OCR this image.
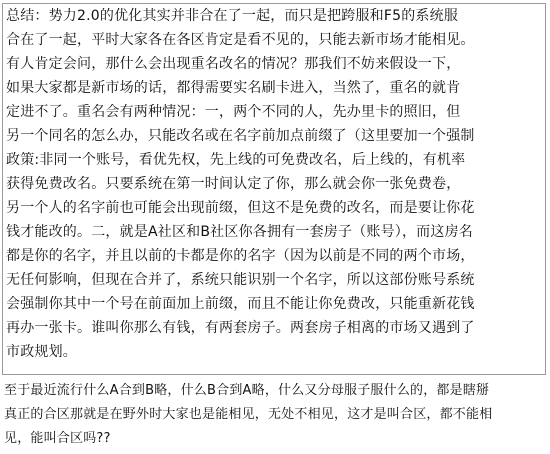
总结：势力2.0的优化其实并非合在了一起，而只是把跨服和F5的系统服

合在了一起，平时大家各在各区肯定是看不见的，只能去新市场才能相见。

有人肯定会问，那什么会出现重名改名的情况？那我们不妨来假设一下，

如果大家都是新市场的话，都得需要实名刷卡进入，当然了，重名的就肯

定进不了。重名会有两种情况：一，两个不同的人，先办里卡的照旧，但

另一个同名的怎么办，只能改名或在名字前加点前缀了（这里要加一个强制

政策:非同一个账号，看优先权，先上线的可免费改名，后上线的，有机率

获得免费改名。只要系统在第一时间认定了你，那么就会你一张免费卷，

另一个人的名字前也可能会出现前缀，但这不是免费的改名，而是要让你花

钱才能改的。二，就是A社区和B社区你各拥有一套房子（账号），而这房名

都是你的名字，并且以前的卡都是你的名字（因为以前是不同的两个市场，

无任何影响，但现在合并了，系统只能识别一个名字，所以这部份账号系统

会强制你其中一个号在前面加上前缀，而且不能让你免费改，只能重新花钱

再办一张卡。谁叫你那么有钱，有两套房子。两套房子相离的市场又遇到了

市政规划。

至于最近流行什么A合到B略，什么B合到A略，什么又分母服子服什么的，都是瞎掰

真正的合区那就是在野外时大家也是能相见，无处不相见，这才是叫合区，都不能相

见，能叫合区吗??
